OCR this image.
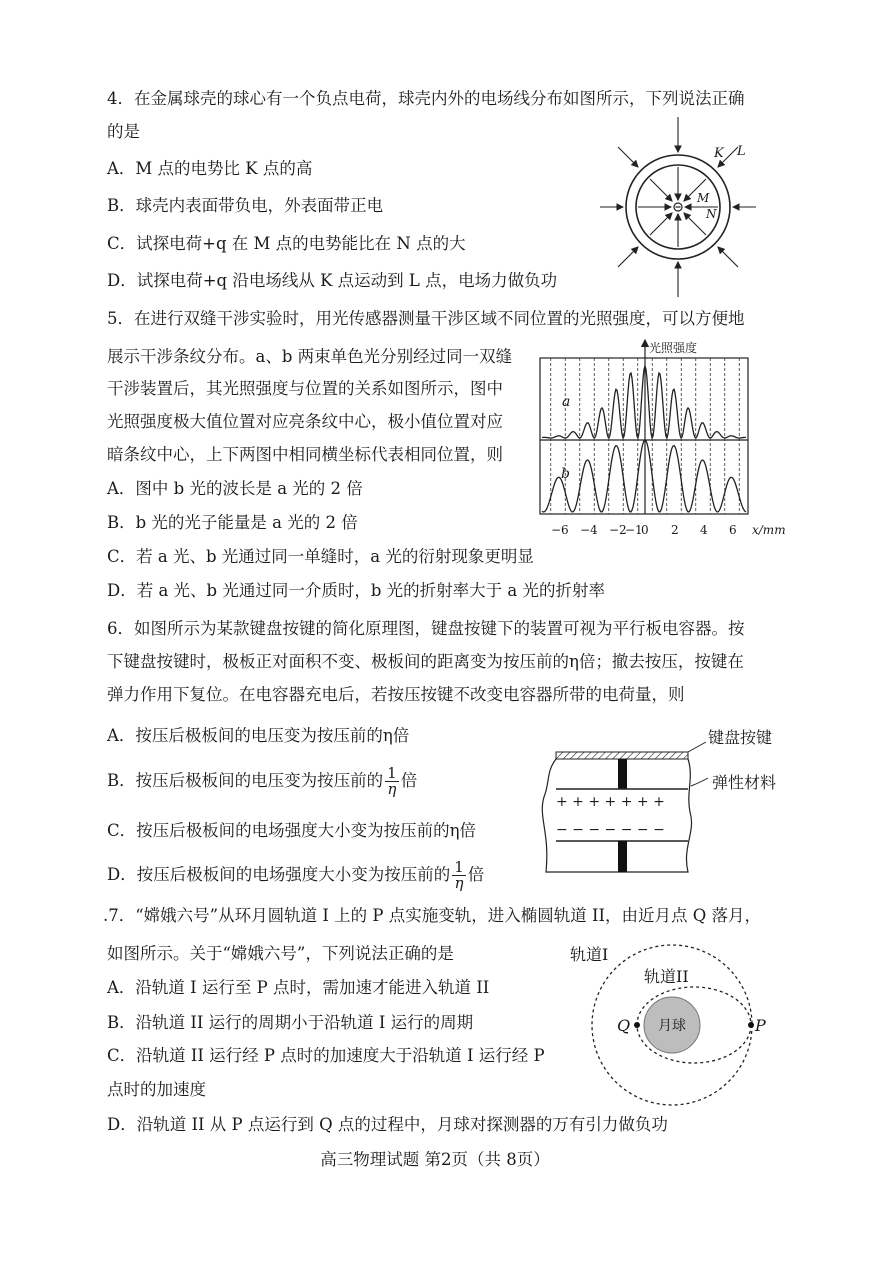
4．在金属球壳的球心有一个负点电荷，球壳内外的电场线分布如图所示，下列说法正确
的是
A．M 点的电势比 K 点的高
B．球壳内表面带负电，外表面带正电
C．试探电荷+q 在 M 点的电势能比在 N 点的大
D．试探电荷+q 沿电场线从 K 点运动到 L 点，电场力做负功
K L
M
N
5．在进行双缝干涉实验时，用光传感器测量干涉区域不同位置的光照强度，可以方便地
展示干涉条纹分布。a、b 两束单色光分别经过同一双缝
干涉装置后，其光照强度与位置的关系如图所示，图中
光照强度极大值位置对应亮条纹中心，极小值位置对应
暗条纹中心，上下两图中相同横坐标代表相同位置，则
A．图中 b 光的波长是 a 光的 2 倍
B．b 光的光子能量是 a 光的 2 倍
C．若 a 光、b 光通过同一单缝时，a 光的衍射现象更明显
D．若 a 光、b 光通过同一介质时，b 光的折射率大于 a 光的折射率
光照强度
a
b
−6 −4 −2
−1
0 2 4 6 x/mm
6．如图所示为某款键盘按键的简化原理图，键盘按键下的装置可视为平行板电容器。按
下键盘按键时，极板正对面积不变、极板间的距离变为按压前的η倍；撤去按压，按键在
弹力作用下复位。在电容器充电后，若按压按键不改变电容器所带的电荷量，则
A．按压后极板间的电压变为按压前的η倍
B．按压后极板间的电压变为按压前的 $\frac{1}{\eta}$ 倍
C．按压后极板间的电场强度大小变为按压前的η倍
D．按压后极板间的电场强度大小变为按压前的 $\frac{1}{\eta}$ 倍
+ + + + + + +
− − − − − − −
键盘按键
弹性材料
.7．“嫦娥六号”从环月圆轨道 I 上的 P 点实施变轨，进入椭圆轨道 II，由近月点 Q 落月，
如图所示。关于“嫦娥六号”，下列说法正确的是
A．沿轨道 I 运行至 P 点时，需加速才能进入轨道 II
B．沿轨道 II 运行的周期小于沿轨道 I 运行的周期
C．沿轨道 II 运行经 P 点时的加速度大于沿轨道 I 运行经 P
点时的加速度
D．沿轨道 II 从 P 点运行到 Q 点的过程中，月球对探测器的万有引力做负功
月球
轨道I
轨道II
Q	P
高三物理试题 第2页（共 8页）
